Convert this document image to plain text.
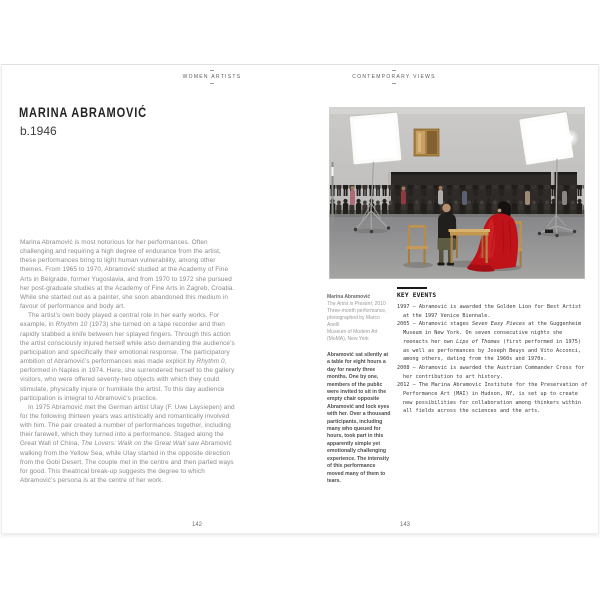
WOMEN ARTISTS	CONTEMPORARY VIEWS
MARINA ABRAMOVIĆ
b.1946

Marina Abramović is most notorious for her performances. Often challenging and requiring a high degree of endurance from the artist, these performances bring to light human vulnerability, among other themes. From 1965 to 1970, Abramović studied at the Academy of Fine Arts in Belgrade, former Yugoslavia, and from 1970 to 1972 she pursued her post-graduate studies at the Academy of Fine Arts in Zagreb, Croatia. While she started out as a painter, she soon abandoned this medium in favour of performance and body art.

The artist’s own body played a central role in her early works. For example, in Rhythm 10 (1973) she turned on a tape recorder and then rapidly stabbed a knife between her splayed fingers. Through this action the artist consciously injured herself while also demanding the audience’s participation and specifically their emotional response. The participatory ambition of Abramović’s performances was made explicit by Rhythm 0, performed in Naples in 1974. Here, she surrendered herself to the gallery visitors, who were offered seventy-two objects with which they could stimulate, physically injure or humiliate the artist. To this day audience participation is integral to Abramović’s practice.

In 1975 Abramović met the German artist Ulay (F. Uwe Laysiepen) and for the following thirteen years was artistically and romantically involved with him. The pair created a number of performances together, including their farewell, which they turned into a performance. Staged along the Great Wall of China, The Lovers: Walk on the Great Wall saw Abramović walking from the Yellow Sea, while Ulay started in the opposite direction from the Gobi Desert. The couple met in the centre and then parted ways for good. This theatrical break-up suggests the degree to which Abramović’s persona is at the centre of her work.

142	143
Marina Abramović
The Artist is Present, 2010
Three-month performance, photographed by Marco Anelli
Museum of Modern Art (MoMA), New York
Abramović sat silently at a table for eight hours a day for nearly three months. One by one, members of the public were invited to sit in the empty chair opposite Abramović and lock eyes with her. Over a thousand participants, including many who queued for hours, took part in this apparently simple yet emotionally challenging experience. The intensity of this performance moved many of them to tears.
KEY EVENTS
1997 – Abramović is awarded the Golden Lion for Best Artist at the 1997 Venice Biennale.
2005 – Abramović stages Seven Easy Pieces at the Guggenheim Museum in New York. On seven consecutive nights she reenacts her own Lips of Thomas (first performed in 1975) as well as performances by Joseph Beuys and Vito Acconci, among others, dating from the 1960s and 1970s.
2008 – Abramović is awarded the Austrian Commander Cross for her contribution to art history.
2012 – The Marina Abramovic Institute for the Preservation of Performance Art (MAI) in Hudson, NY, is set up to create new possibilities for collaboration among thinkers within all fields across the sciences and the arts.
